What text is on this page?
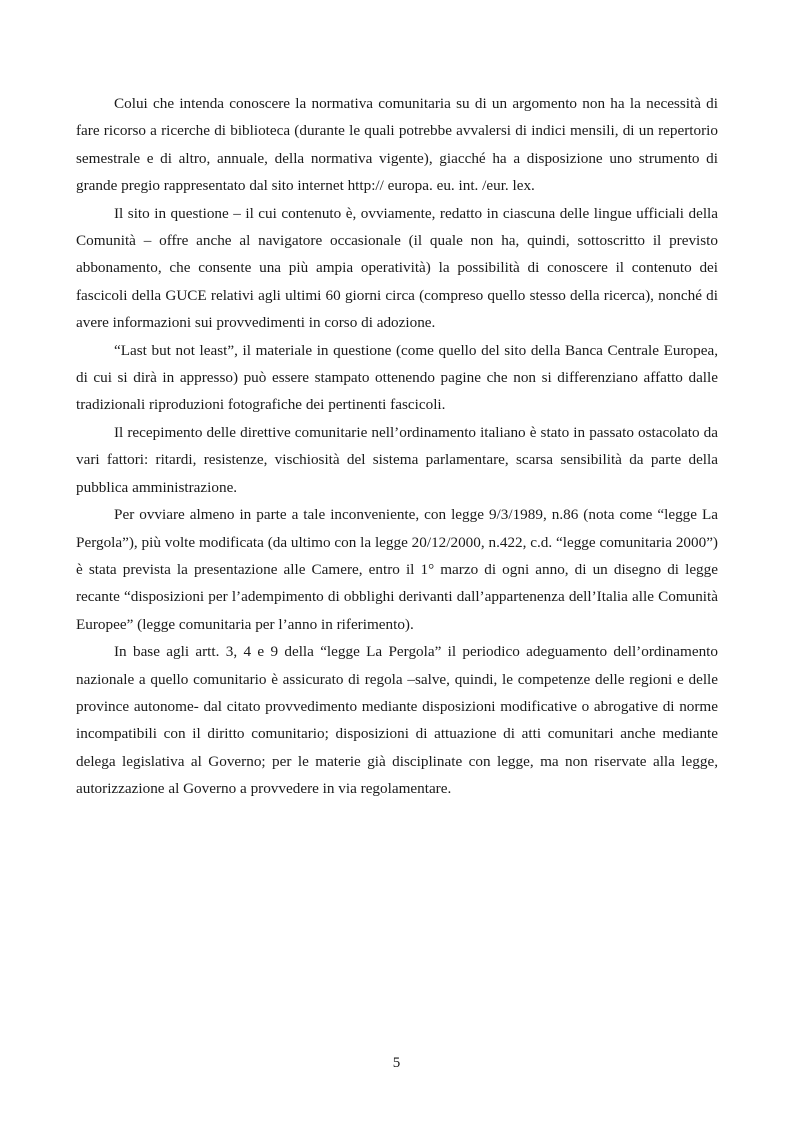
Colui che intenda conoscere la normativa comunitaria su di un argomento non ha la necessità di fare ricorso a ricerche di biblioteca (durante le quali potrebbe avvalersi di indici mensili, di un repertorio semestrale e di altro, annuale, della normativa vigente), giacché ha a disposizione uno strumento di grande pregio rappresentato dal sito internet http:// europa. eu. int. /eur. lex.

Il sito in questione – il cui contenuto è, ovviamente, redatto in ciascuna delle lingue ufficiali della Comunità – offre anche al navigatore occasionale (il quale non ha, quindi, sottoscritto il previsto abbonamento, che consente una più ampia operatività) la possibilità di conoscere il contenuto dei fascicoli della GUCE relativi agli ultimi 60 giorni circa (compreso quello stesso della ricerca), nonché di avere informazioni sui provvedimenti in corso di adozione.

“Last but not least”, il materiale in questione (come quello del sito della Banca Centrale Europea, di cui si dirà in appresso) può essere stampato ottenendo pagine che non si differenziano affatto dalle tradizionali riproduzioni fotografiche dei pertinenti fascicoli.

Il recepimento delle direttive comunitarie nell’ordinamento italiano è stato in passato ostacolato da vari fattori: ritardi, resistenze, vischiosità del sistema parlamentare, scarsa sensibilità da parte della pubblica amministrazione.

Per ovviare almeno in parte a tale inconveniente, con legge 9/3/1989, n.86 (nota come “legge La Pergola”), più volte modificata (da ultimo con la legge 20/12/2000, n.422, c.d. “legge comunitaria 2000”) è stata prevista la presentazione alle Camere, entro il 1° marzo di ogni anno, di un disegno di legge recante “disposizioni per l’adempimento di obblighi derivanti dall’appartenenza dell’Italia alle Comunità Europee” (legge comunitaria per l’anno in riferimento).

In base agli artt. 3, 4 e 9 della “legge La Pergola” il periodico adeguamento dell’ordinamento nazionale a quello comunitario è assicurato di regola –salve, quindi, le competenze delle regioni e delle province autonome- dal citato provvedimento mediante disposizioni modificative o abrogative di norme incompatibili con il diritto comunitario; disposizioni di attuazione di atti comunitari anche mediante delega legislativa al Governo; per le materie già disciplinate con legge, ma non riservate alla legge, autorizzazione al Governo a provvedere in via regolamentare.

5
